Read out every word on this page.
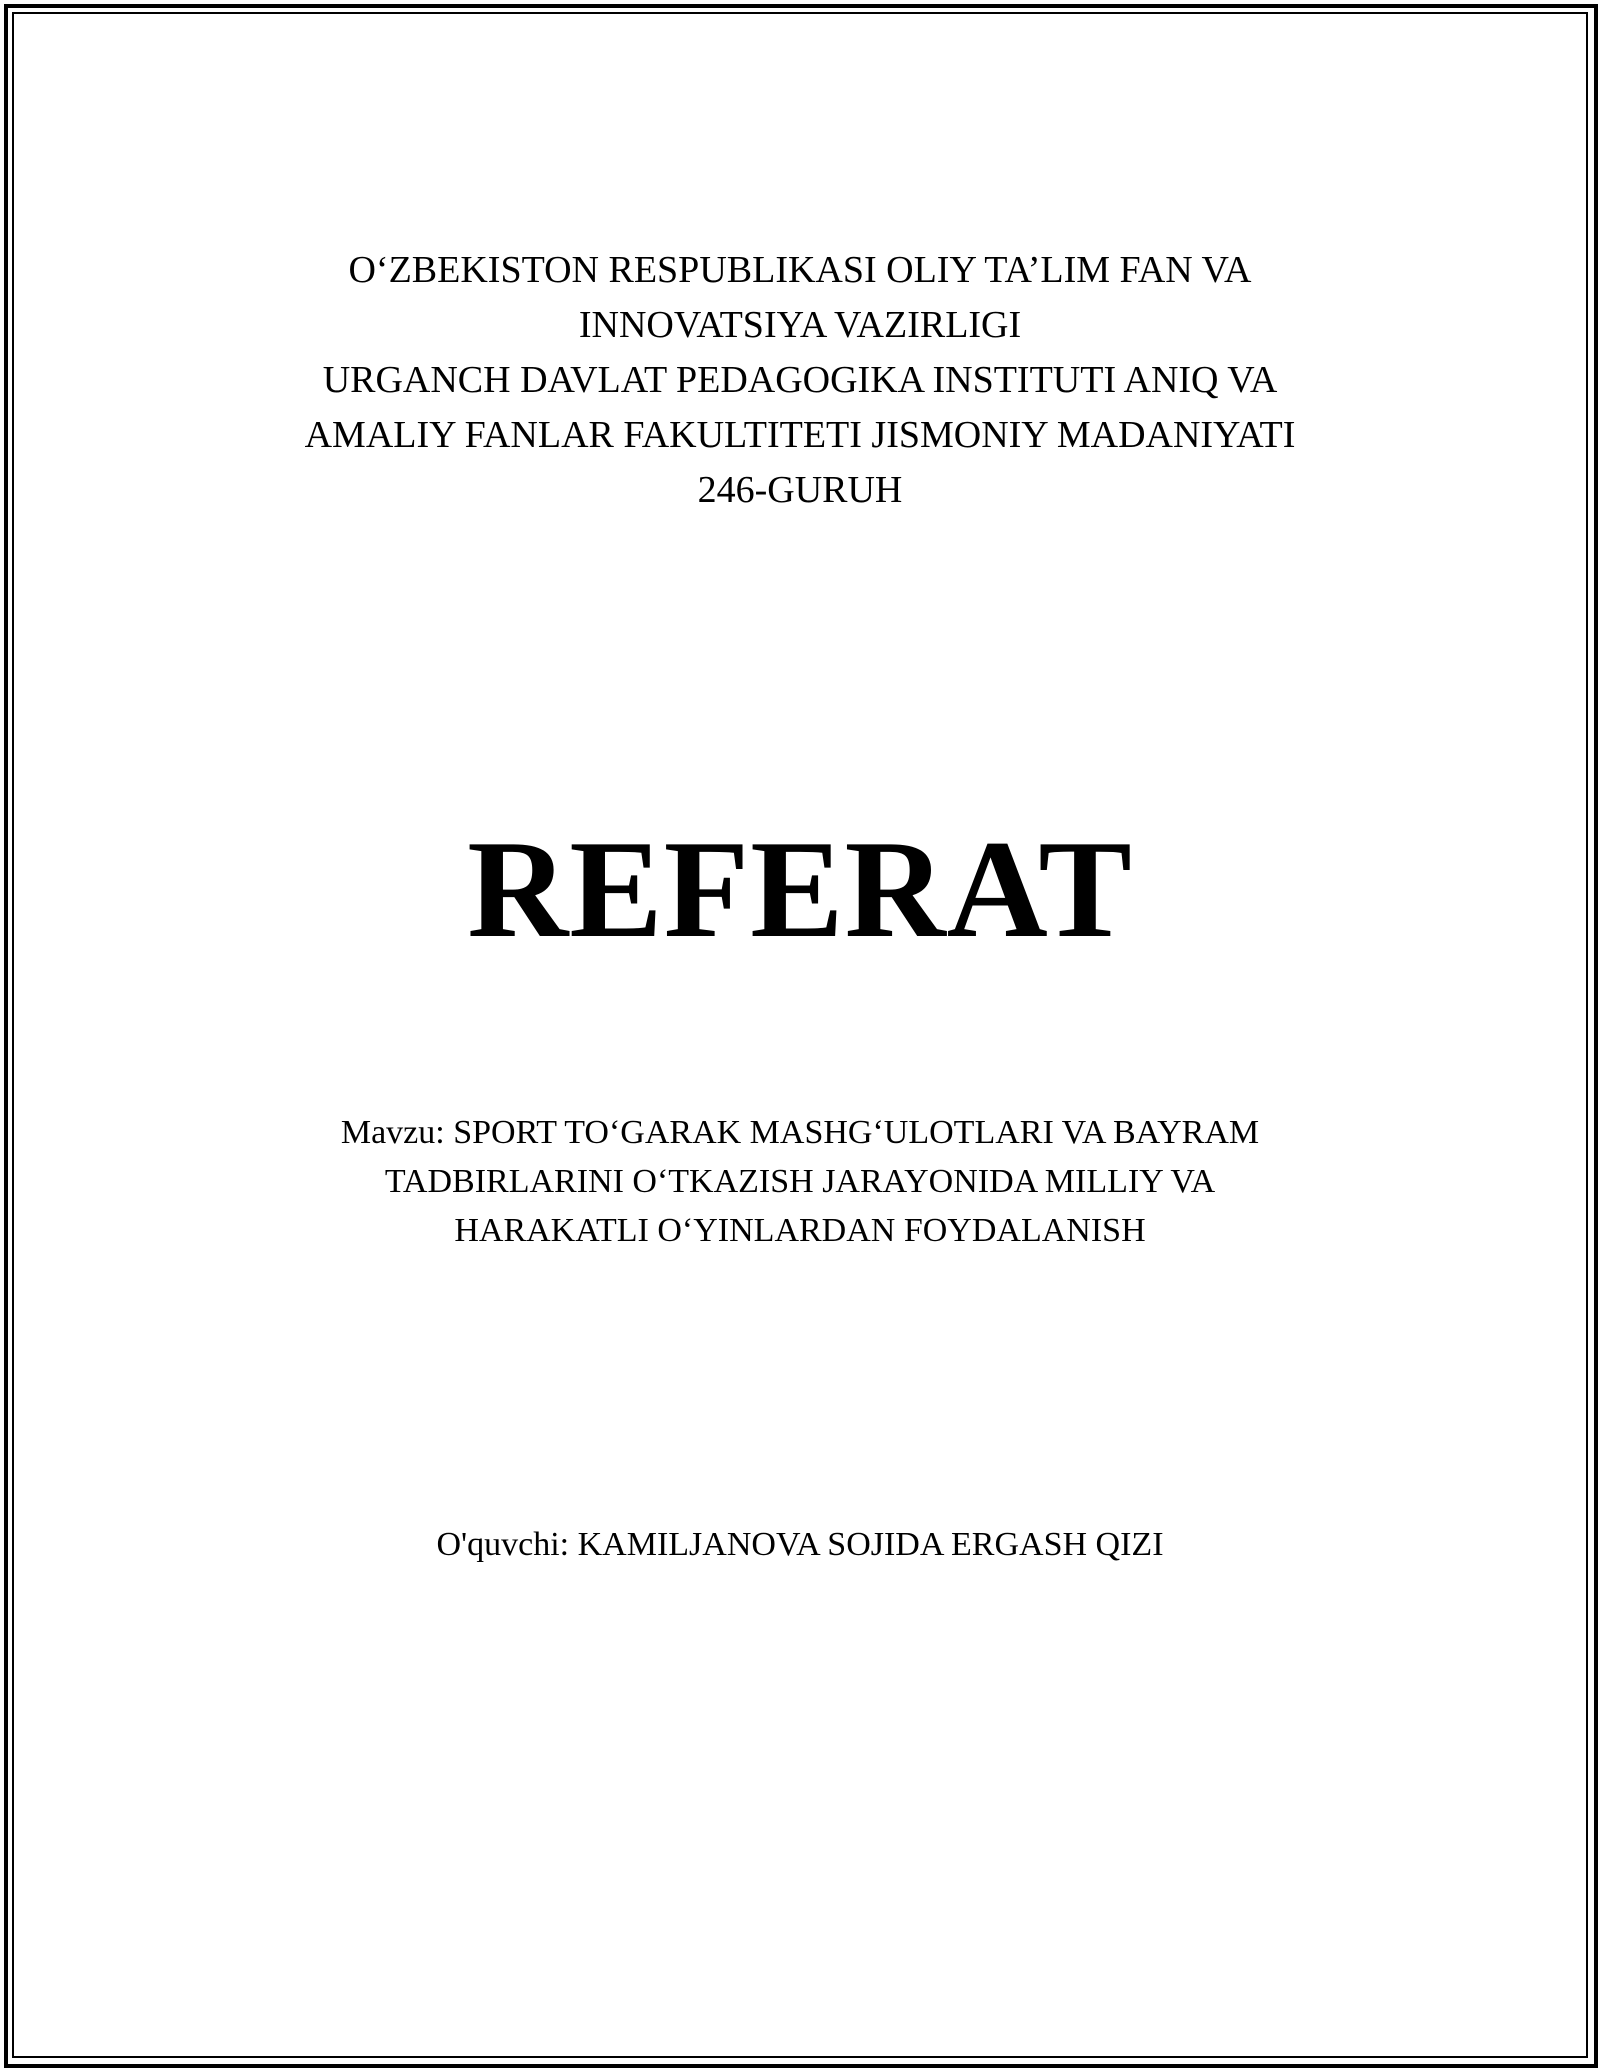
O‘ZBEKISTON RESPUBLIKASI OLIY TA’LIM FAN VA
INNOVATSIYA VAZIRLIGI
URGANCH DAVLAT PEDAGOGIKA INSTITUTI ANIQ VA
AMALIY FANLAR FAKULTITETI JISMONIY MADANIYATI
246-GURUH
REFERAT
Mavzu: SPORT TO‘GARAK MASHG‘ULOTLARI VA BAYRAM
TADBIRLARINI O‘TKAZISH JARAYONIDA MILLIY VA
HARAKATLI O‘YINLARDAN FOYDALANISH
O'quvchi: KAMILJANOVA SOJIDA ERGASH QIZI
